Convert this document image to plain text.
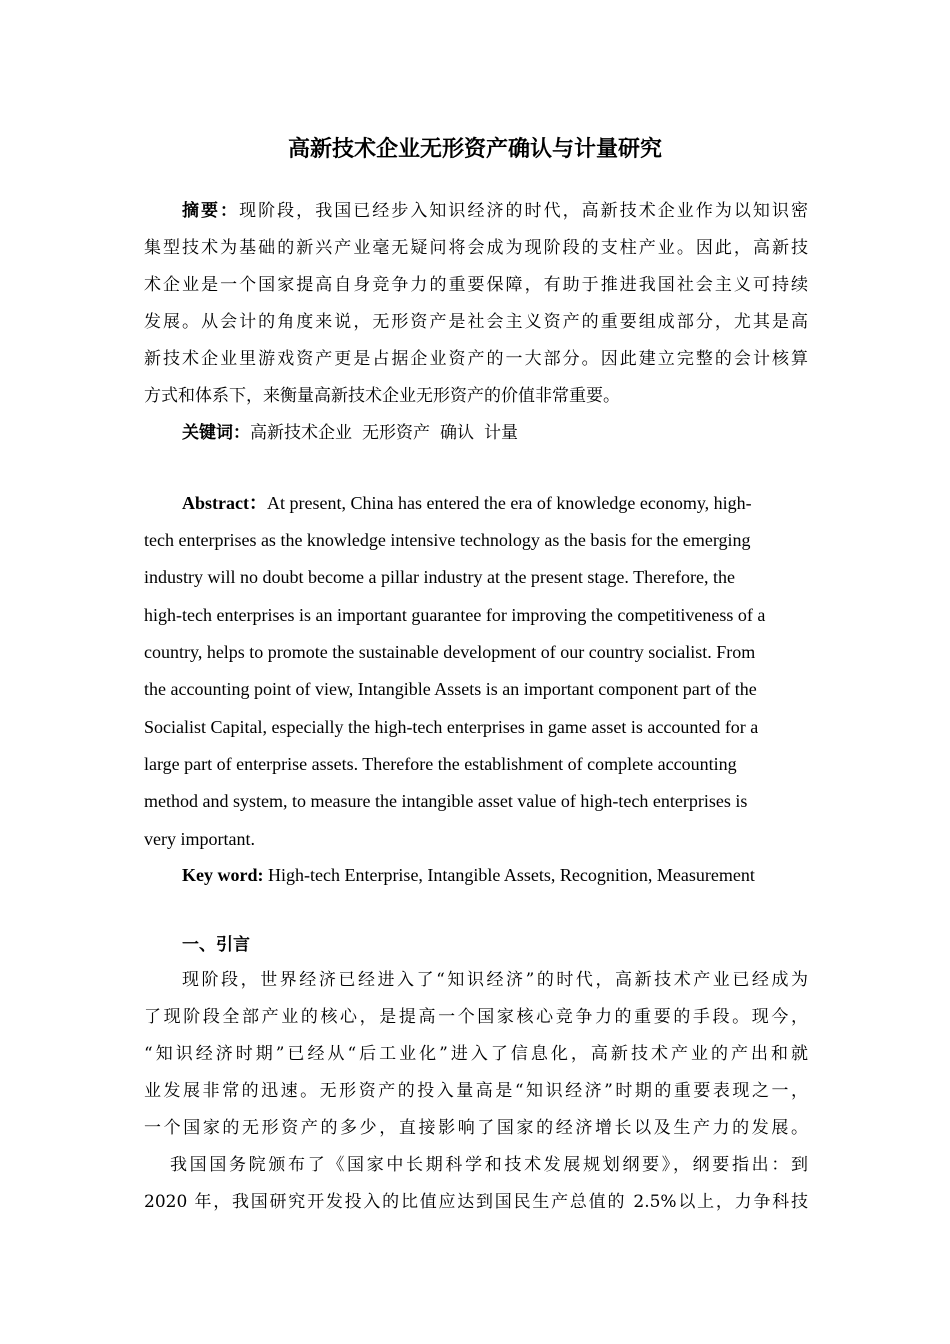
高新技术企业无形资产确认与计量研究
摘要：现阶段，我国已经步入知识经济的时代，高新技术企业作为以知识密
集型技术为基础的新兴产业毫无疑问将会成为现阶段的支柱产业。因此，高新技
术企业是一个国家提高自身竞争力的重要保障，有助于推进我国社会主义可持续
发展。从会计的角度来说，无形资产是社会主义资产的重要组成部分，尤其是高
新技术企业里游戏资产更是占据企业资产的一大部分。因此建立完整的会计核算
方式和体系下，来衡量高新技术企业无形资产的价值非常重要。
关键词：高新技术企业 无形资产 确认 计量
Abstract：At present, China has entered the era of knowledge economy, high-
tech enterprises as the knowledge intensive technology as the basis for the emerging
industry will no doubt become a pillar industry at the present stage. Therefore, the
high-tech enterprises is an important guarantee for improving the competitiveness of a
country, helps to promote the sustainable development of our country socialist. From
the accounting point of view, Intangible Assets is an important component part of the
Socialist Capital, especially the high-tech enterprises in game asset is accounted for a
large part of enterprise assets. Therefore the establishment of complete accounting
method and system, to measure the intangible asset value of high-tech enterprises is
very important.
Key word: High-tech Enterprise, Intangible Assets, Recognition, Measurement
一、引言
现阶段，世界经济已经进入了“知识经济”的时代，高新技术产业已经成为
了现阶段全部产业的核心，是提高一个国家核心竞争力的重要的手段。现今，
“知识经济时期”已经从“后工业化”进入了信息化，高新技术产业的产出和就
业发展非常的迅速。无形资产的投入量高是“知识经济”时期的重要表现之一，
一个国家的无形资产的多少，直接影响了国家的经济增长以及生产力的发展。
我国国务院颁布了《国家中长期科学和技术发展规划纲要》，纲要指出：到
2020 年，我国研究开发投入的比值应达到国民生产总值的 2.5%以上，力争科技
